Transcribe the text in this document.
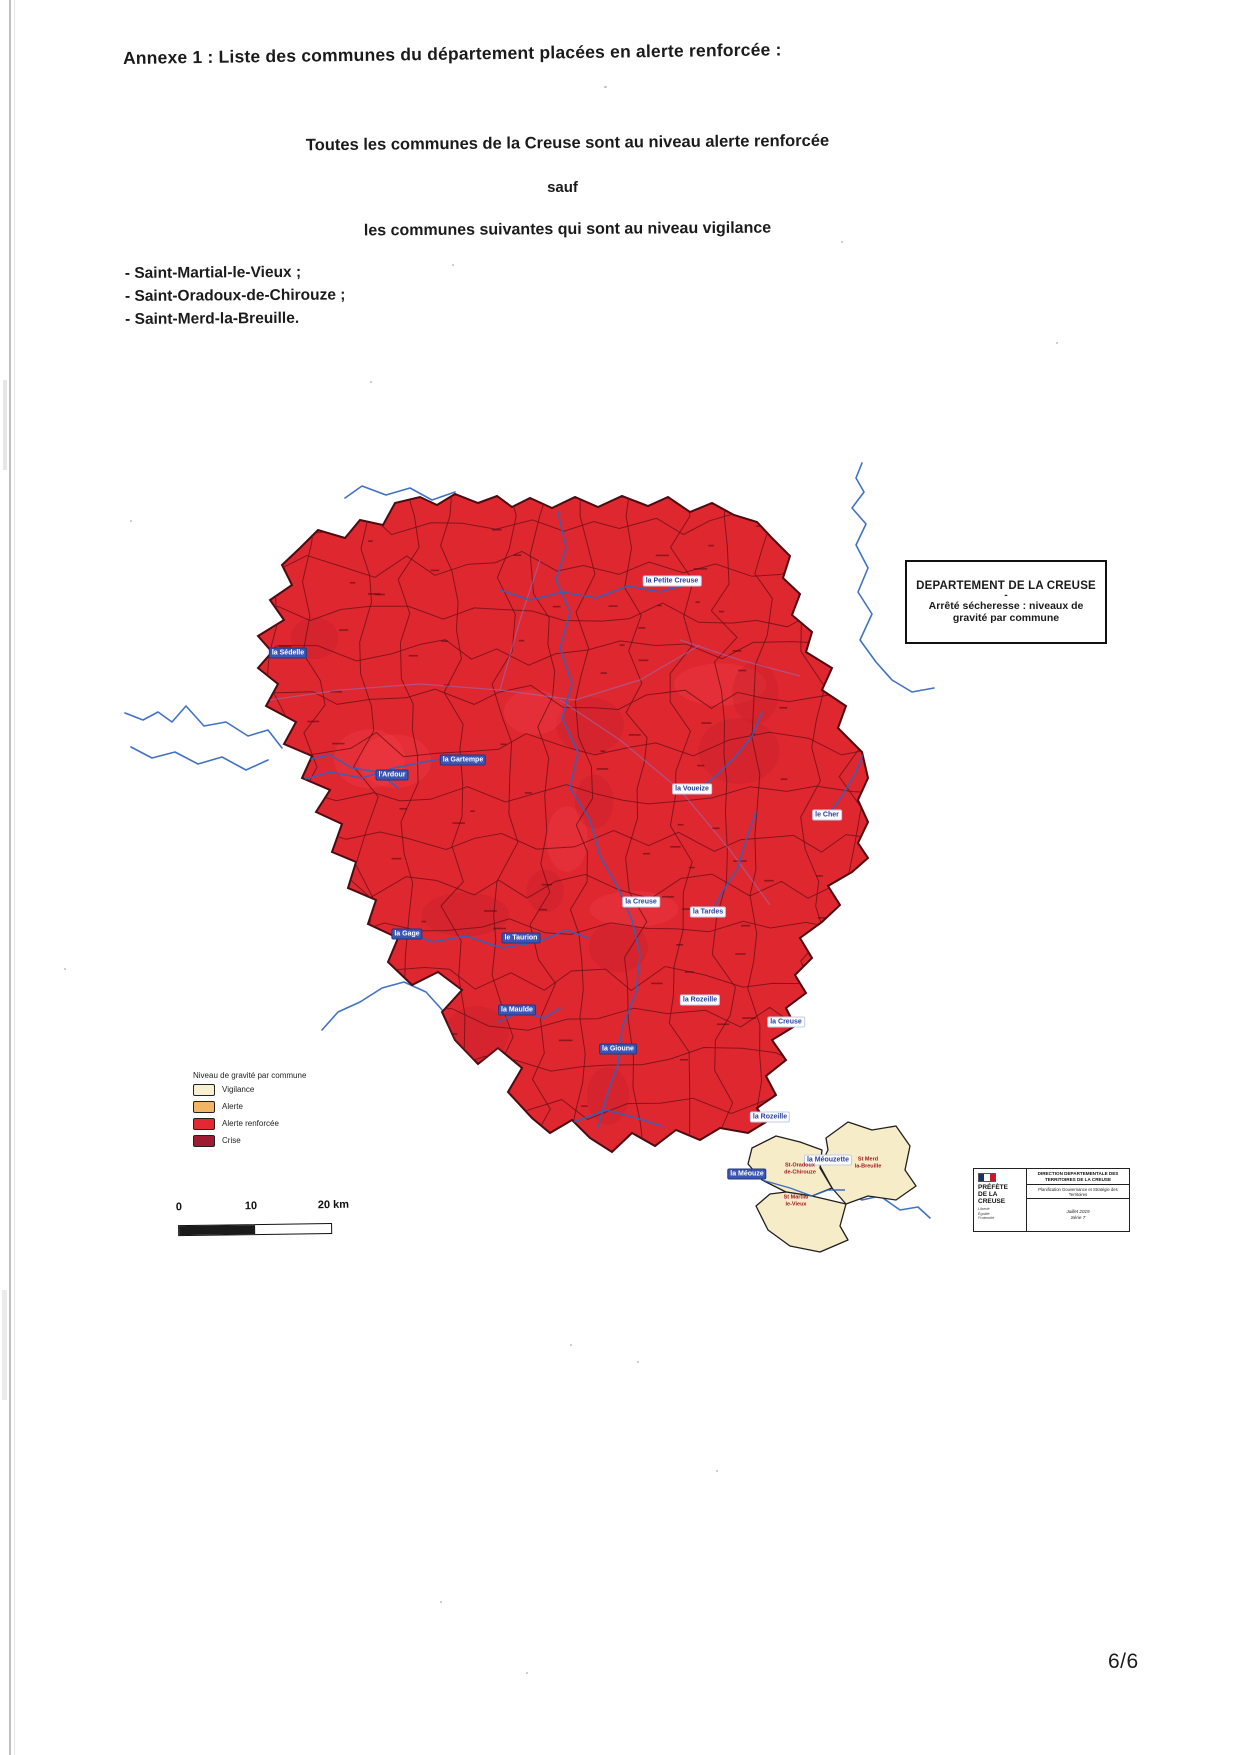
Annexe 1 : Liste des communes du département placées en alerte renforcée :
Toutes les communes de la Creuse sont au niveau alerte renforcée
sauf
les communes suivantes qui sont au niveau vigilance
- Saint-Martial-le-Vieux ;
- Saint-Oradoux-de-Chirouze ;
- Saint-Merd-la-Breuille.
DEPARTEMENT DE LA CREUSE
-
Arrêté sécheresse : niveaux de gravité par commune
Niveau de gravité par commune
Vigilance
Alerte
Alerte renforcée
Crise
0	10	20 km
la Petite Creuse
la Sédelle
l'Ardour
la Gartempe
la Voueize
le Cher
la Creuse
la Tardes
la Gage
le Taurion
la Maulde
la Rozeille
la Gioune
la Creuse
la Rozeille
la Méouzette
la Méouze
St-Oradoux
de-Chirouze
St Merd
la-Breuille
St Martial
le-Vieux
PRÉFÈTE
DE LA CREUSE
Liberté
Égalité
Fraternité
DIRECTION DEPARTEMENTALE DES TERRITOIRES DE LA CREUSE
Planification Gouvernance et Stratégie des Territoires
Juillet 2019
Série 7
6/6
